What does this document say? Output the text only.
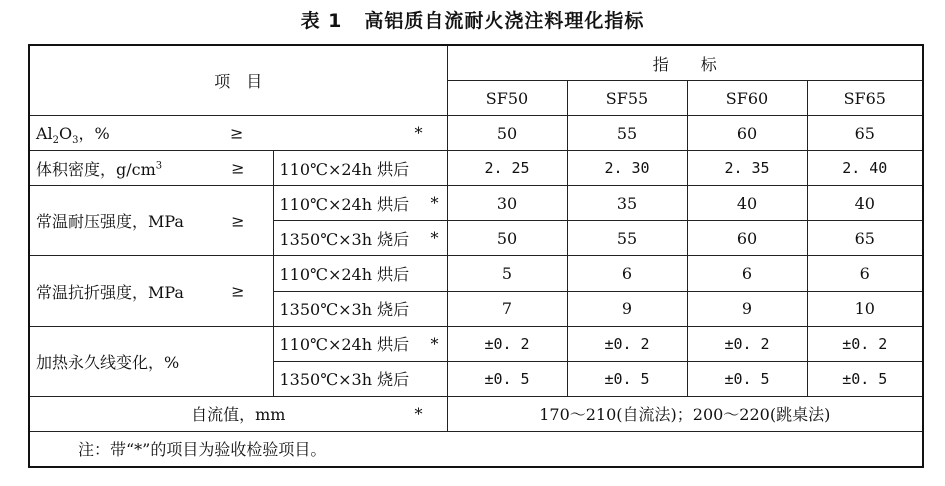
表 1 高铝质自流耐火浇注料理化指标
项　目		指　　标			
		SF50	SF55	SF60	SF65
$Al_2O_3$，% ≥ *		50	55	60	65
体积密度，$g/cm^3$ ≥	110℃×24h 烘后	2. 25	2. 30	2. 35	2. 40
常温耐压强度，MPa ≥	110℃×24h 烘后 *	30	35	40	40
	1350℃×3h 烧后 *	50	55	60	65
常温抗折强度，MPa ≥	110℃×24h 烘后	5	6	6	6
	1350℃×3h 烧后	7	9	9	10
加热永久线变化，%	110℃×24h 烘后 *	±0. 2	±0. 2	±0. 2	±0. 2
	1350℃×3h 烧后	±0. 5	±0. 5	±0. 5	±0. 5
自流值，mm *		170～210(自流法)；200～220(跳桌法)			
注：带“*”的项目为验收检验项目。					
